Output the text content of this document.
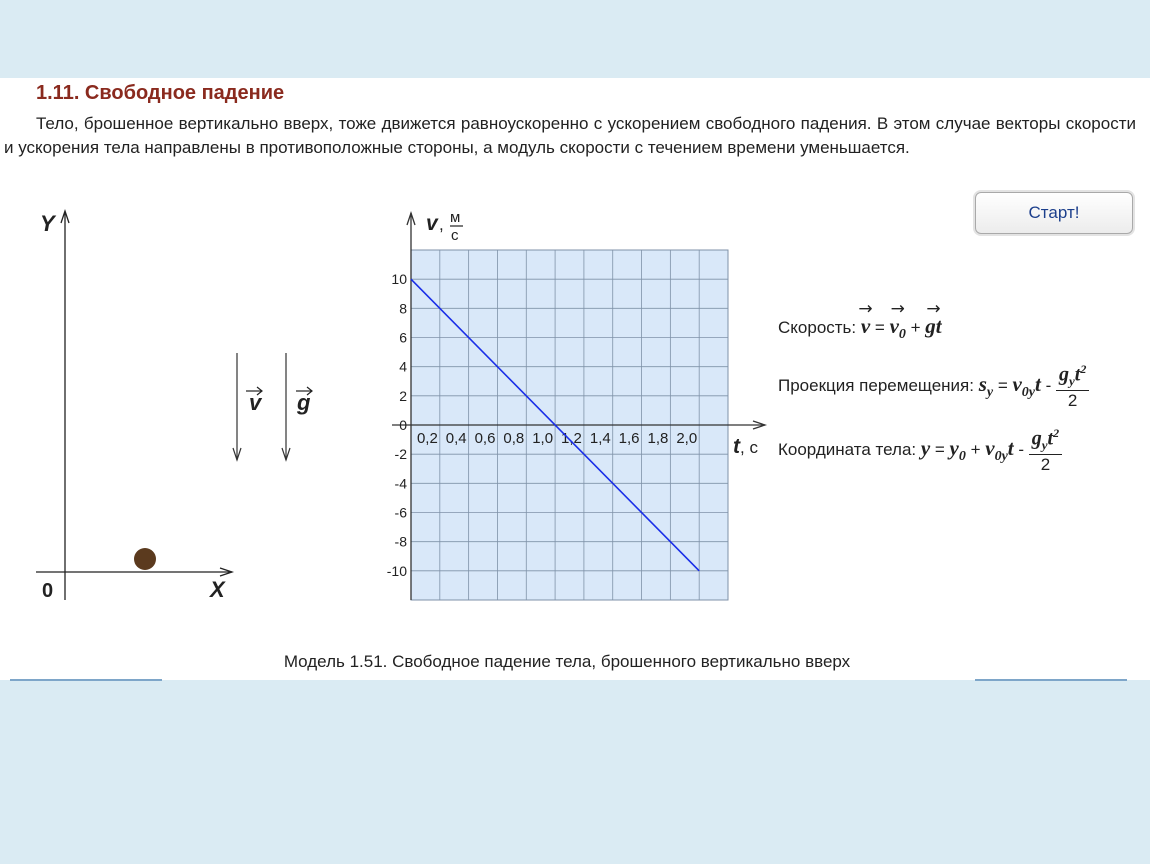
1.11. Свободное падение

Тело, брошенное вертикально вверх, тоже движется равноускоренно с ускорением свободного падения. В этом случае векторы скорости и ускорения тела направлены в противоположные стороны, а модуль скорости с течением времени уменьшается.

Старт!
Y
X
0
v g
0,2 0,4 0,6 0,8 1,0 1,2 1,4 1,6 1,8 2,0
10
8
6
4
2
0
-2
-4
-6
-8
-10
v , м
с
t , с
Скорость: → v = → $v_0$ + → gt
Проекция перемещения: $s_y = v_{0y}t - \frac{g_yt^2}{2}$
Координата тела: $y = y_0 + v_{0y}t - \frac{g_yt^2}{2}$

Модель 1.51. Свободное падение тела, брошенного вертикально вверх
